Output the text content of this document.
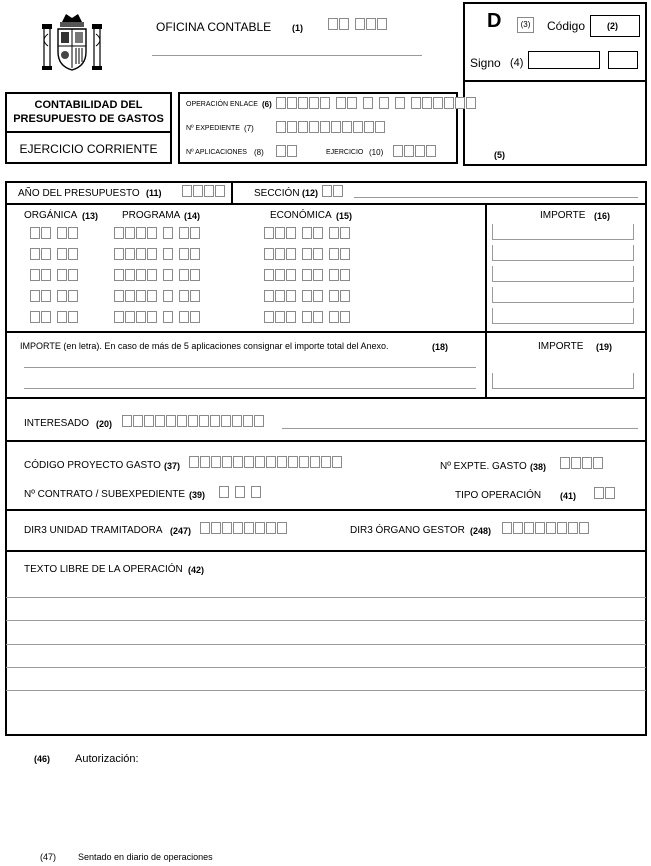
OFICINA CONTABLE (1)	D	(3)	Código (2)
Signo (4)
(5)
CONTABILIDAD DEL
PRESUPUESTO DE GASTOS
EJERCICIO CORRIENTE
OPERACIÓN ENLACE (6)
Nº EXPEDIENTE (7)
Nº APLICACIONES (8)	EJERCICIO (10)
AÑO DEL PRESUPUESTO (11)	SECCIÓN (12)
ORGÁNICA (13) PROGRAMA (14)	ECONÓMICA (15)	IMPORTE (16)
IMPORTE (en letra). En caso de más de 5 aplicaciones consignar el importe total del Anexo.	(18)	IMPORTE (19)
INTERESADO (20)
CÓDIGO PROYECTO GASTO (37)	Nº EXPTE. GASTO (38)
Nº CONTRATO / SUBEXPEDIENTE (39)	TIPO OPERACIÓN (41)
DIR3 UNIDAD TRAMITADORA (247)	DIR3 ÓRGANO GESTOR (248)
TEXTO LIBRE DE LA OPERACIÓN (42)
(46) Autorización:
(47) Sentado en diario de operaciones
